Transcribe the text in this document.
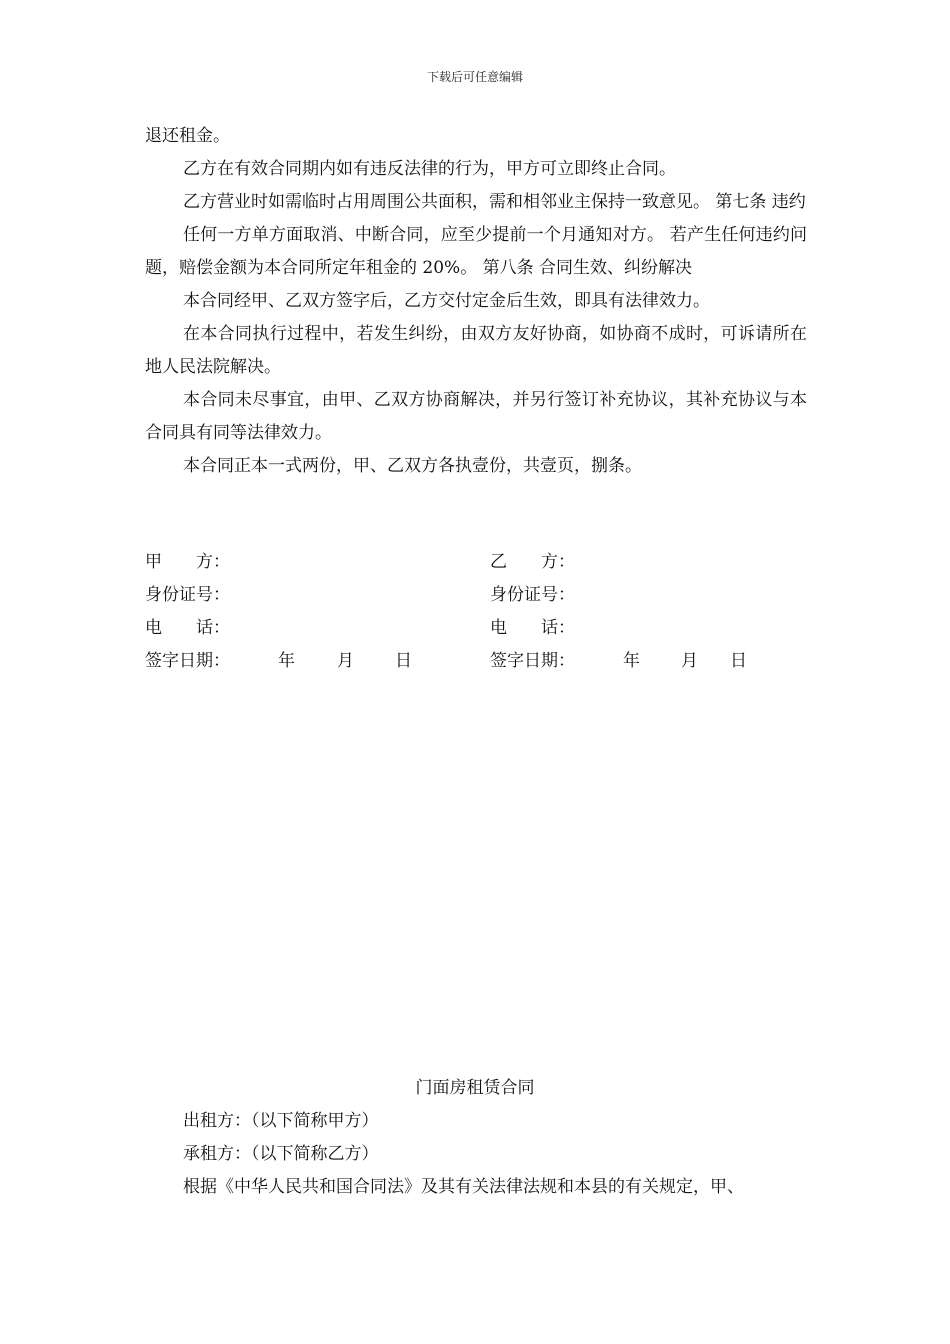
下载后可任意编辑

退还租金。

乙方在有效合同期内如有违反法律的行为，甲方可立即终止合同。

乙方营业时如需临时占用周围公共面积，需和相邻业主保持一致意见。 第七条 违约

任何一方单方面取消、中断合同，应至少提前一个月通知对方。 若产生任何违约问题，赔偿金额为本合同所定年租金的 20%。 第八条 合同生效、纠纷解决

本合同经甲、乙双方签字后，乙方交付定金后生效，即具有法律效力。

在本合同执行过程中，若发生纠纷，由双方友好协商，如协商不成时，可诉请所在地人民法院解决。

本合同未尽事宜，由甲、乙双方协商解决，并另行签订补充协议，其补充协议与本合同具有同等法律效力。

本合同正本一式两份，甲、乙双方各执壹份，共壹页，捌条。

甲　　方：	乙　　方：
身份证号：	身份证号：
电　　话：	电　　话：
签字日期：	年 月 日	签字日期：	年 月 日
门面房租赁合同

出租方：（以下简称甲方）

承租方：（以下简称乙方）

根据《中华人民共和国合同法》及其有关法律法规和本县的有关规定，甲、
